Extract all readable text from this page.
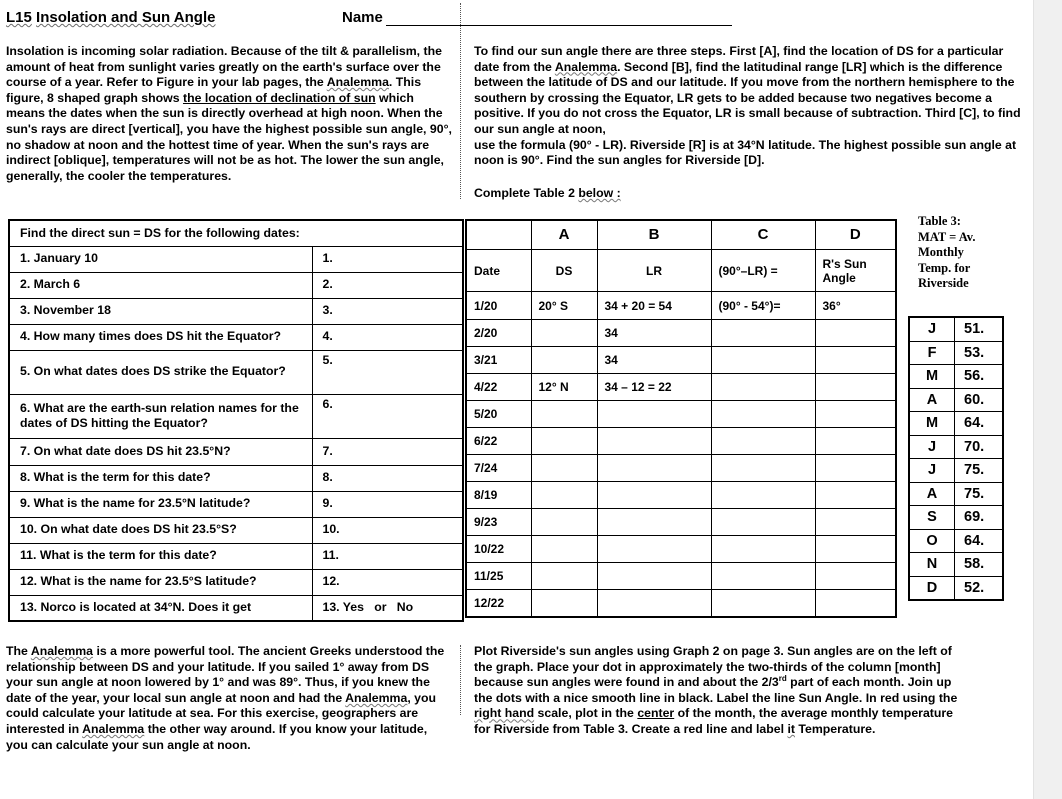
L15 Insolation and Sun Angle	Name

Insolation is incoming solar radiation. Because of the tilt & parallelism, the amount of heat from sunlight varies greatly on the earth's surface over the course of a year. Refer to Figure in your lab pages, the Analemma. This figure, 8 shaped graph shows the location of declination of sun which means the dates when the sun is directly overhead at high noon. When the sun's rays are direct [vertical], you have the highest possible sun angle, 90°, no shadow at noon and the hottest time of year. When the sun's rays are indirect [oblique], temperatures will not be as hot. The lower the sun angle, generally, the cooler the temperatures.

To find our sun angle there are three steps. First [A], find the location of DS for a particular date from the Analemma. Second [B], find the latitudinal range [LR] which is the difference between the latitude of DS and our latitude. If you move from the northern hemisphere to the southern by crossing the Equator, LR gets to be added because two negatives become a positive. If you do not cross the Equator, LR is small because of subtraction. Third [C], to find our sun angle at noon,
use the formula (90° - LR). Riverside [R] is at 34°N latitude. The highest possible sun angle at noon is 90°. Find the sun angles for Riverside [D].

Complete Table 2 below :

Find the direct sun = DS for the following dates:	
1. January 10	1.
2. March 6	2.
3. November 18	3.
4. How many times does DS hit the Equator?	4.
5. On what dates does DS strike the Equator?	5.
6. What are the earth-sun relation names for the dates of DS hitting the Equator?	6.
7. On what date does DS hit 23.5°N?	7.
8. What is the term for this date?	8.
9. What is the name for 23.5°N latitude?	9.
10. On what date does DS hit 23.5°S?	10.
11. What is the term for this date?	11.
12. What is the name for 23.5°S latitude?	12.
13. Norco is located at 34°N. Does it get	13. Yes   or   No
	A	B	C	D
Date	DS	LR	(90°–LR) =	R's Sun Angle
1/20	20° S	34 + 20 = 54	(90° - 54°)=	36°
2/20		34		
3/21		34		
4/22	12° N	34 – 12 = 22		
5/20				
6/22				
7/24				
8/19				
9/23				
10/22				
11/25				
12/22				
Table 3:
MAT = Av.
Monthly
Temp. for
Riverside
J	51.
F	53.
M	56.
A	60.
M	64.
J	70.
J	75.
A	75.
S	69.
O	64.
N	58.
D	52.

The Analemma is a more powerful tool. The ancient Greeks understood the relationship between DS and your latitude. If you sailed 1° away from DS your sun angle at noon lowered by 1° and was 89°. Thus, if you knew the date of the year, your local sun angle at noon and had the Analemma, you could calculate your latitude at sea. For this exercise, geographers are interested in Analemma the other way around. If you know your latitude, you can calculate your sun angle at noon.

Plot Riverside's sun angles using Graph 2 on page 3. Sun angles are on the left of the graph. Place your dot in approximately the two-thirds of the column [month] because sun angles were found in and about the 2/3rd part of each month. Join up the dots with a nice smooth line in black. Label the line Sun Angle. In red using the right hand scale, plot in the center of the month, the average monthly temperature for Riverside from Table 3. Create a red line and label it Temperature.
